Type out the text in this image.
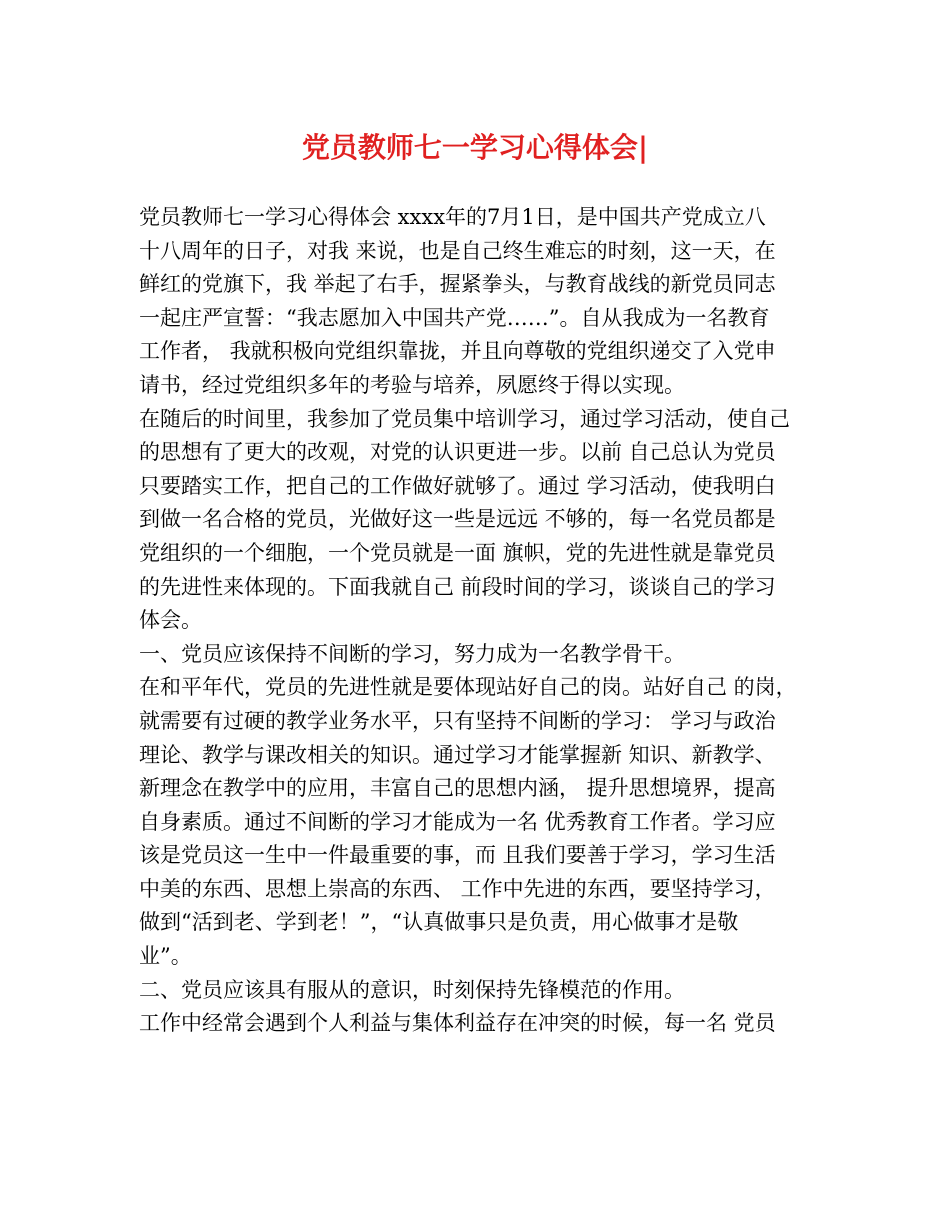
党员教师七一学习心得体会|
党员教师七一学习心得体会 xxxx年的7月1日，是中国共产党成立八
十八周年的日子，对我 来说，也是自己终生难忘的时刻，这一天，在
鲜红的党旗下，我 举起了右手，握紧拳头，与教育战线的新党员同志
一起庄严宣誓：“我志愿加入中国共产党……”。自从我成为一名教育
工作者， 我就积极向党组织靠拢，并且向尊敬的党组织递交了入党申
请书，经过党组织多年的考验与培养，夙愿终于得以实现。
在随后的时间里，我参加了党员集中培训学习，通过学习活动，使自己
的思想有了更大的改观，对党的认识更进一步。以前 自己总认为党员
只要踏实工作，把自己的工作做好就够了。通过 学习活动，使我明白
到做一名合格的党员，光做好这一些是远远 不够的，每一名党员都是
党组织的一个细胞，一个党员就是一面 旗帜，党的先进性就是靠党员
的先进性来体现的。下面我就自己 前段时间的学习，谈谈自己的学习
体会。
一、党员应该保持不间断的学习，努力成为一名教学骨干。
在和平年代，党员的先进性就是要体现站好自己的岗。站好自己 的岗，
就需要有过硬的教学业务水平，只有坚持不间断的学习： 学习与政治
理论、教学与课改相关的知识。通过学习才能掌握新 知识、新教学、
新理念在教学中的应用，丰富自己的思想内涵， 提升思想境界，提高
自身素质。通过不间断的学习才能成为一名 优秀教育工作者。学习应
该是党员这一生中一件最重要的事，而 且我们要善于学习，学习生活
中美的东西、思想上崇高的东西、 工作中先进的东西，要坚持学习，
做到“活到老、学到老！”，“认真做事只是负责，用心做事才是敬
业”。
二、党员应该具有服从的意识，时刻保持先锋模范的作用。
工作中经常会遇到个人利益与集体利益存在冲突的时候，每一名 党员
